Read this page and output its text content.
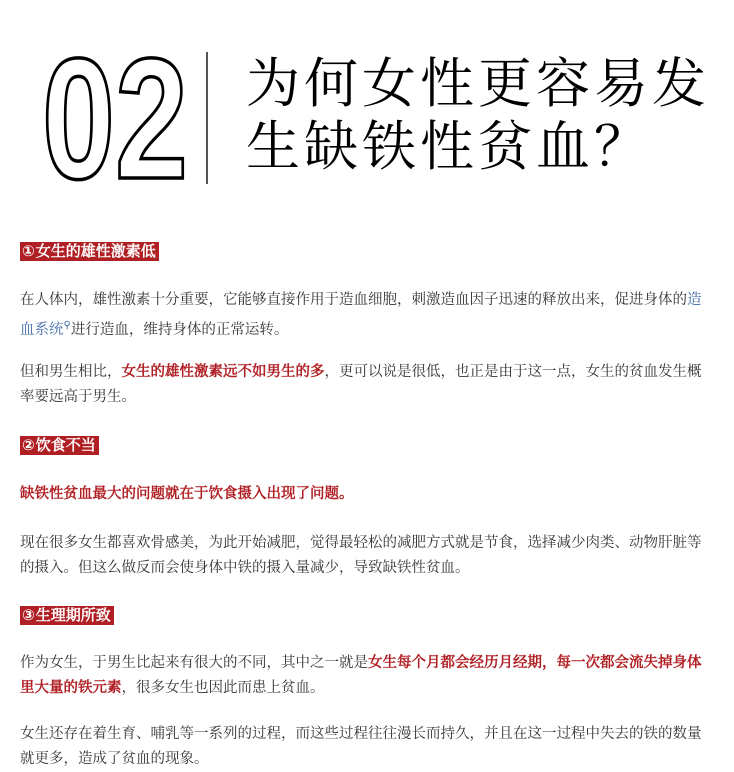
02 为何女性更容易发
生缺铁性贫血？
①女生的雄性激素低
在人体内，雄性激素十分重要，它能够直接作用于造血细胞，刺激造血因子迅速的释放出来，促进身体的造血系统⚲进行造血，维持身体的正常运转。
但和男生相比，女生的雄性激素远不如男生的多，更可以说是很低，也正是由于这一点，女生的贫血发生概率要远高于男生。
②饮食不当
缺铁性贫血最大的问题就在于饮食摄入出现了问题。
现在很多女生都喜欢骨感美，为此开始减肥，觉得最轻松的减肥方式就是节食，选择减少肉类、动物肝脏等的摄入。但这么做反而会使身体中铁的摄入量减少，导致缺铁性贫血。
③生理期所致
作为女生，于男生比起来有很大的不同，其中之一就是女生每个月都会经历月经期，每一次都会流失掉身体里大量的铁元素，很多女生也因此而患上贫血。
女生还存在着生育、哺乳等一系列的过程，而这些过程往往漫长而持久，并且在这一过程中失去的铁的数量就更多，造成了贫血的现象。
